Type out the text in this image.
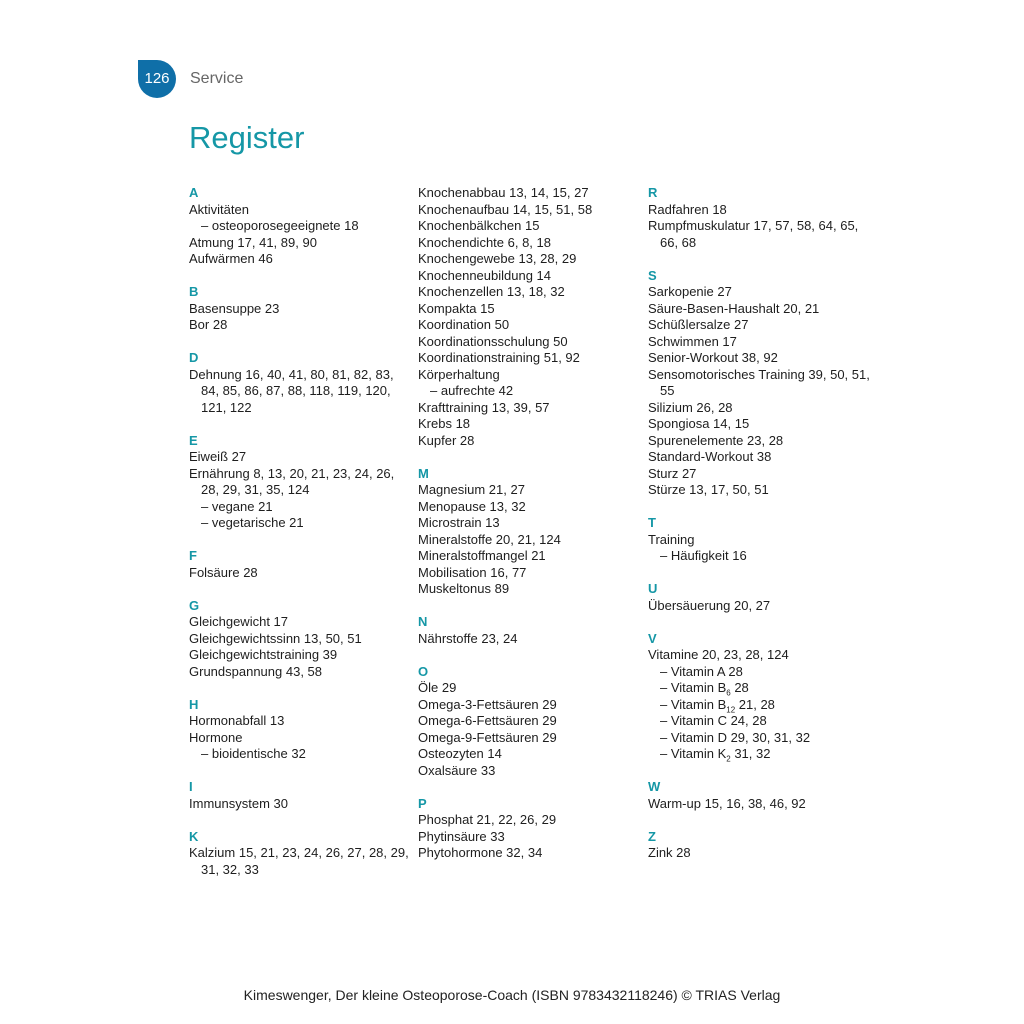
126	Service
Register
A
Aktivitäten
– osteoporosegeeignete 18
Atmung 17, 41, 89, 90
Aufwärmen 46
B
Basensuppe 23
Bor 28
D
Dehnung 16, 40, 41, 80, 81, 82, 83, 84, 85, 86, 87, 88, 118, 119, 120, 121, 122
E
Eiweiß 27
Ernährung 8, 13, 20, 21, 23, 24, 26, 28, 29, 31, 35, 124
– vegane 21
– vegetarische 21
F
Folsäure 28
G
Gleichgewicht 17
Gleichgewichtssinn 13, 50, 51
Gleichgewichtstraining 39
Grundspannung 43, 58
H
Hormonabfall 13
Hormone
– bioidentische 32
I
Immunsystem 30
K
Kalzium 15, 21, 23, 24, 26, 27, 28, 29, 31, 32, 33
Knochenabbau 13, 14, 15, 27
Knochenaufbau 14, 15, 51, 58
Knochenbälkchen 15
Knochendichte 6, 8, 18
Knochengewebe 13, 28, 29
Knochenneubildung 14
Knochenzellen 13, 18, 32
Kompakta 15
Koordination 50
Koordinationsschulung 50
Koordinationstraining 51, 92
Körperhaltung
– aufrechte 42
Krafttraining 13, 39, 57
Krebs 18
Kupfer 28
M
Magnesium 21, 27
Menopause 13, 32
Microstrain 13
Mineralstoffe 20, 21, 124
Mineralstoffmangel 21
Mobilisation 16, 77
Muskeltonus 89
N
Nährstoffe 23, 24
O
Öle 29
Omega-3-Fettsäuren 29
Omega-6-Fettsäuren 29
Omega-9-Fettsäuren 29
Osteozyten 14
Oxalsäure 33
P
Phosphat 21, 22, 26, 29
Phytinsäure 33
Phytohormone 32, 34
R
Radfahren 18
Rumpfmuskulatur 17, 57, 58, 64, 65, 66, 68
S
Sarkopenie 27
Säure-Basen-Haushalt 20, 21
Schüßlersalze 27
Schwimmen 17
Senior-Workout 38, 92
Sensomotorisches Training 39, 50, 51, 55
Silizium 26, 28
Spongiosa 14, 15
Spurenelemente 23, 28
Standard-Workout 38
Sturz 27
Stürze 13, 17, 50, 51
T
Training
– Häufigkeit 16
U
Übersäuerung 20, 27
V
Vitamine 20, 23, 28, 124
– Vitamin A 28
– Vitamin $B_6$ 28
– Vitamin $B_{12}$ 21, 28
– Vitamin C 24, 28
– Vitamin D 29, 30, 31, 32
– Vitamin $K_2$ 31, 32
W
Warm-up 15, 16, 38, 46, 92
Z
Zink 28
Kimeswenger, Der kleine Osteoporose-Coach (ISBN 9783432118246) © TRIAS Verlag
